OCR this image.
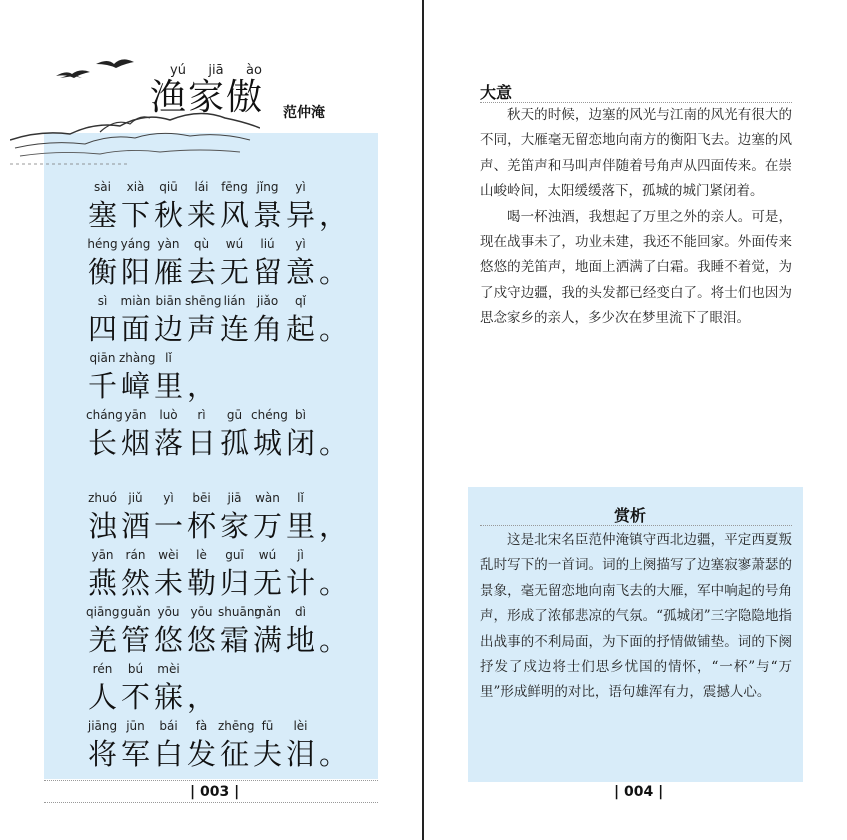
yú	jiā	ào
渔家傲 范仲淹
sài	xià	qiū	lái	fēng jǐng	yì
塞 下 秋 来 风 景 异 ，
héng yáng yàn	qù	wú	liú	yì
衡 阳 雁 去 无 留 意 。
sì	miàn biān shēng lián jiǎo	qǐ
四 面 边 声 连 角 起 。
qiān zhàng lǐ
千 嶂 里 ，
cháng yān	luò	rì	gū chéng bì
长 烟 落 日 孤 城 闭 。
zhuó jiǔ	yì	bēi	jiā	wàn	lǐ
浊 酒 一 杯 家 万 里 ，
yān	rán	wèi	lè	guī	wú	jì
燕 然 未 勒 归 无 计 。
qiāng guǎn yōu yōu shuāng
mǎn	dì
羌 管 悠 悠 霜 满 地 。
rén	bú	mèi
人 不 寐 ，
jiāng jūn	bái	fà zhēng fū	lèi
将 军 白 发 征 夫 泪 。
| 003 |
大意

秋天的时候，边塞的风光与江南的风光有很大的不同，大雁毫无留恋地向南方的衡阳飞去。边塞的风声、羌笛声和马叫声伴随着号角声从四面传来。在崇山峻岭间，太阳缓缓落下，孤城的城门紧闭着。

喝一杯浊酒，我想起了万里之外的亲人。可是，现在战事未了，功业未建，我还不能回家。外面传来悠悠的羌笛声，地面上洒满了白霜。我睡不着觉，为了戍守边疆，我的头发都已经变白了。将士们也因为思念家乡的亲人，多少次在梦里流下了眼泪。

赏析

这是北宋名臣范仲淹镇守西北边疆，平定西夏叛乱时写下的一首词。词的上阕描写了边塞寂寥萧瑟的景象，毫无留恋地向南飞去的大雁，军中响起的号角声，形成了浓郁悲凉的气氛。“孤城闭”三字隐隐地指出战事的不利局面，为下面的抒情做铺垫。词的下阕抒发了戍边将士们思乡忧国的情怀，“一杯”与“万里”形成鲜明的对比，语句雄浑有力，震撼人心。

| 004 |
